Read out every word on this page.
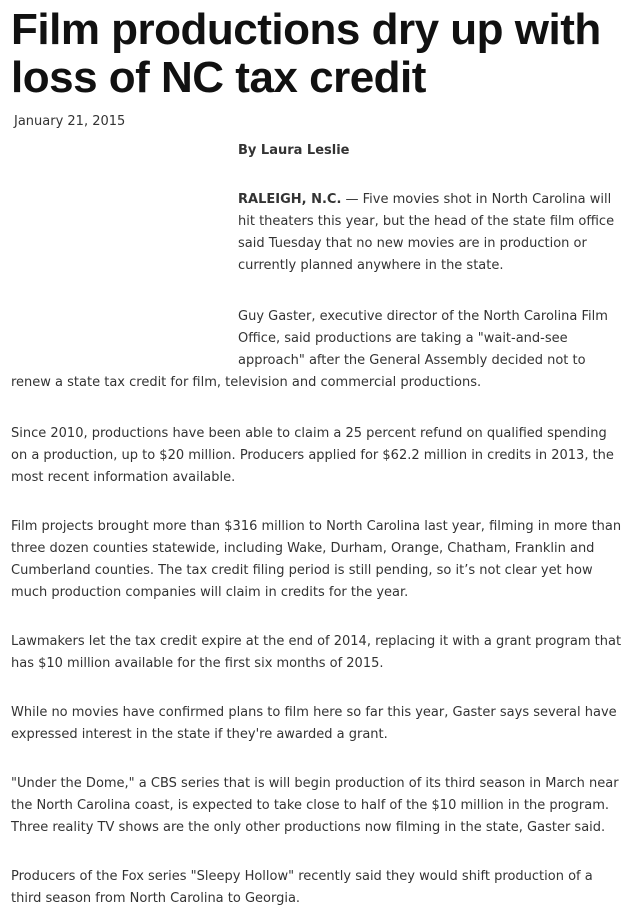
Film productions dry up with loss of NC tax credit
January 21, 2015
By Laura Leslie

RALEIGH, N.C. — Five movies shot in North Carolina will hit theaters this year, but the head of the state film office said Tuesday that no new movies are in production or currently planned anywhere in the state.

Guy Gaster, executive director of the North Carolina Film Office, said productions are taking a "wait-and-see approach" after the General Assembly decided not to renew a state tax credit for film, television and commercial productions.

Since 2010, productions have been able to claim a 25 percent refund on qualified spending on a production, up to $20 million. Producers applied for $62.2 million in credits in 2013, the most recent information available.

Film projects brought more than $316 million to North Carolina last year, filming in more than three dozen counties statewide, including Wake, Durham, Orange, Chatham, Franklin and Cumberland counties. The tax credit filing period is still pending, so it’s not clear yet how much production companies will claim in credits for the year.

Lawmakers let the tax credit expire at the end of 2014, replacing it with a grant program that has $10 million available for the first six months of 2015.

While no movies have confirmed plans to film here so far this year, Gaster says several have expressed interest in the state if they're awarded a grant.

"Under the Dome," a CBS series that is will begin production of its third season in March near the North Carolina coast, is expected to take close to half of the $10 million in the program. Three reality TV shows are the only other productions now filming in the state, Gaster said.

Producers of the Fox series "Sleepy Hollow" recently said they would shift production of a third season from North Carolina to Georgia.
